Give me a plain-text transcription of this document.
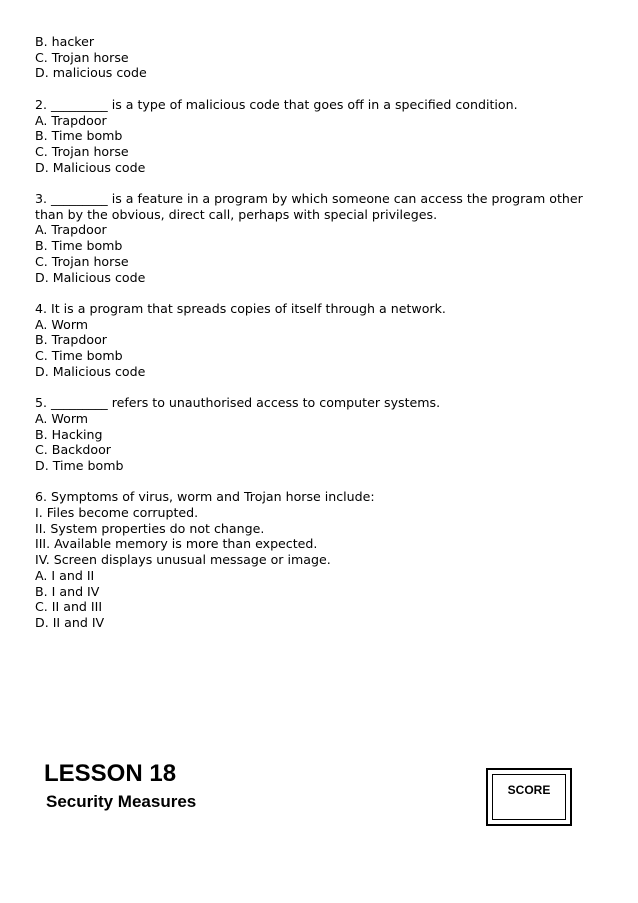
B. hacker
C. Trojan horse
D. malicious code
2. _________ is a type of malicious code that goes off in a specified condition.
A. Trapdoor
B. Time bomb
C. Trojan horse
D. Malicious code
3. _________ is a feature in a program by which someone can access the program other than by the obvious, direct call, perhaps with special privileges.
A. Trapdoor
B. Time bomb
C. Trojan horse
D. Malicious code
4. It is a program that spreads copies of itself through a network.
A. Worm
B. Trapdoor
C. Time bomb
D. Malicious code
5. _________ refers to unauthorised access to computer systems.
A. Worm
B. Hacking
C. Backdoor
D. Time bomb
6. Symptoms of virus, worm and Trojan horse include:
I. Files become corrupted.
II. System properties do not change.
III. Available memory is more than expected.
IV. Screen displays unusual message or image.
A. I and II
B. I and IV
C. II and III
D. II and IV
LESSON 18
Security Measures
SCORE
